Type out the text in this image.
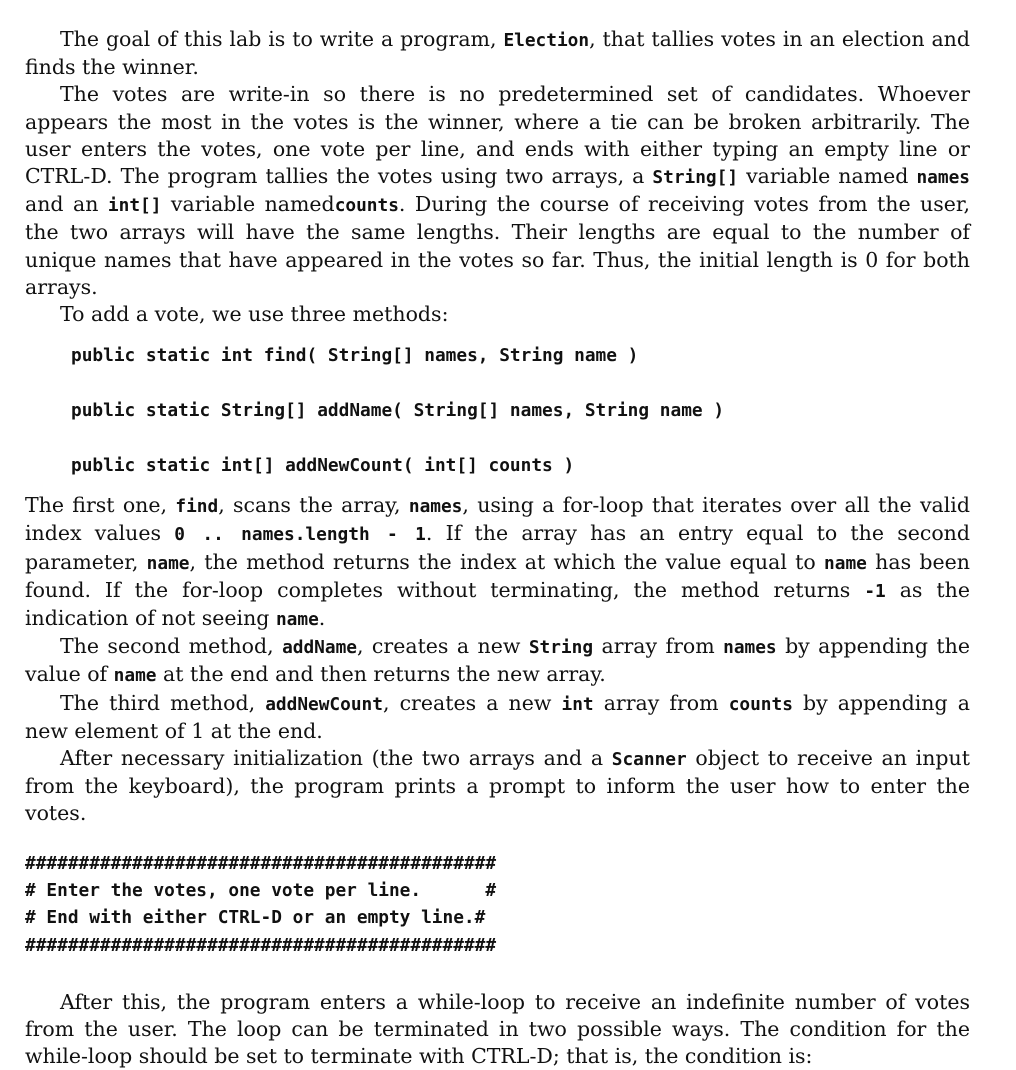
The goal of this lab is to write a program, Election, that tallies votes in an election and finds the winner.

The votes are write-in so there is no predetermined set of candidates. Whoever appears the most in the votes is the winner, where a tie can be broken arbitrarily. The user enters the votes, one vote per line, and ends with either typing an empty line or CTRL-D. The program tallies the votes using two arrays, a String[] variable named names and an int[] variable namedcounts. During the course of receiving votes from the user, the two arrays will have the same lengths. Their lengths are equal to the number of unique names that have appeared in the votes so far. Thus, the initial length is 0 for both arrays.

To add a vote, we use three methods:

public static int find( String[] names, String name )
public static String[] addName( String[] names, String name )
public static int[] addNewCount( int[] counts )

The first one, find, scans the array, names, using a for-loop that iterates over all the valid index values 0 .. names.length - 1. If the array has an entry equal to the second parameter, name, the method returns the index at which the value equal to name has been found. If the for-loop completes without terminating, the method returns -1 as the indication of not seeing name.

The second method, addName, creates a new String array from names by appending the value of name at the end and then returns the new array.

The third method, addNewCount, creates a new int array from counts by appending a new element of 1 at the end.

After necessary initialization (the two arrays and a Scanner object to receive an input from the keyboard), the program prints a prompt to inform the user how to enter the votes.

############################################
# Enter the votes, one vote per line.      #
# End with either CTRL-D or an empty line.#
############################################

After this, the program enters a while-loop to receive an indefinite number of votes from the user. The loop can be terminated in two possible ways. The condition for the while-loop should be set to terminate with CTRL-D; that is, the condition is:
